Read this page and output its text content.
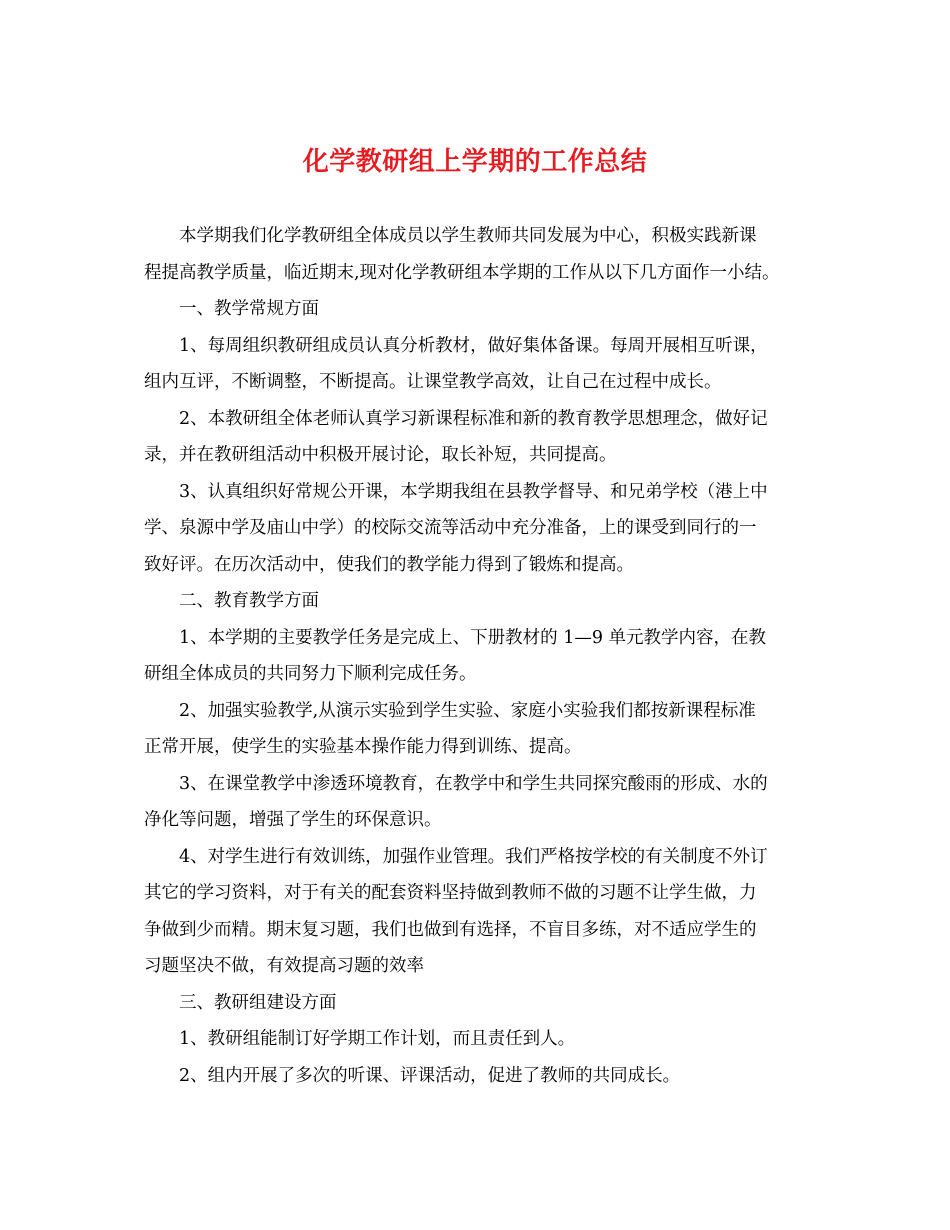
化学教研组上学期的工作总结
本学期我们化学教研组全体成员以学生教师共同发展为中心，积极实践新课
程提高教学质量，临近期末,现对化学教研组本学期的工作从以下几方面作一小结。
一、教学常规方面
1、每周组织教研组成员认真分析教材，做好集体备课。每周开展相互听课，
组内互评，不断调整，不断提高。让课堂教学高效，让自己在过程中成长。
2、本教研组全体老师认真学习新课程标准和新的教育教学思想理念，做好记
录，并在教研组活动中积极开展讨论，取长补短，共同提高。
3、认真组织好常规公开课，本学期我组在县教学督导、和兄弟学校（港上中
学、泉源中学及庙山中学）的校际交流等活动中充分准备，上的课受到同行的一
致好评。在历次活动中，使我们的教学能力得到了锻炼和提高。
二、教育教学方面
1、本学期的主要教学任务是完成上、下册教材的 1—9 单元教学内容，在教
研组全体成员的共同努力下顺利完成任务。
2、加强实验教学,从演示实验到学生实验、家庭小实验我们都按新课程标准
正常开展，使学生的实验基本操作能力得到训练、提高。
3、在课堂教学中渗透环境教育，在教学中和学生共同探究酸雨的形成、水的
净化等问题，增强了学生的环保意识。
4、对学生进行有效训练，加强作业管理。我们严格按学校的有关制度不外订
其它的学习资料，对于有关的配套资料坚持做到教师不做的习题不让学生做，力
争做到少而精。期末复习题，我们也做到有选择，不盲目多练，对不适应学生的
习题坚决不做，有效提高习题的效率
三、教研组建设方面
1、教研组能制订好学期工作计划，而且责任到人。
2、组内开展了多次的听课、评课活动，促进了教师的共同成长。
